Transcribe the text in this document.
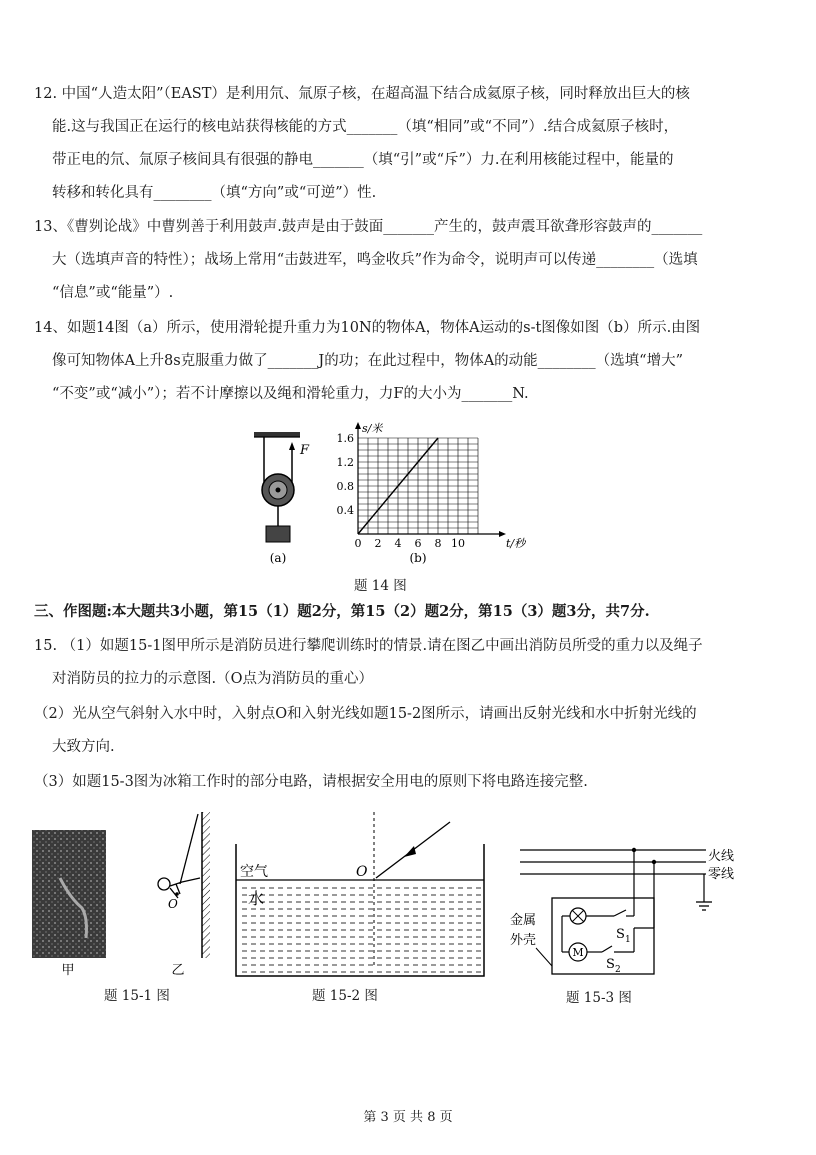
12. 中国“人造太阳”（EAST）是利用氘、氚原子核，在超高温下结合成氦原子核，同时释放出巨大的核
能.这与我国正在运行的核电站获得核能的方式_______（填“相同”或“不同”）.结合成氦原子核时，
带正电的氘、氚原子核间具有很强的静电_______（填“引”或“斥”）力.在利用核能过程中，能量的
转移和转化具有________（填“方向”或“可逆”）性.
13、《曹刿论战》中曹刿善于利用鼓声.鼓声是由于鼓面_______产生的，鼓声震耳欲聋形容鼓声的_______
大（选填声音的特性）；战场上常用“击鼓进军，鸣金收兵”作为命令，说明声可以传递________（选填
“信息”或“能量”）.
14、如题14图（a）所示，使用滑轮提升重力为10N的物体A，物体A运动的s-t图像如图（b）所示.由图
像可知物体A上升8s克服重力做了_______J的功；在此过程中，物体A的动能________（选填“增大”
“不变”或“减小”）；若不计摩擦以及绳和滑轮重力，力F的大小为_______N.
F
(a)
0 2 4 6 8 10
0.4
0.8
1.2
1.6
s/米
t/秒
(b)
题 14 图
三、作图题:本大题共3小题，第15（1）题2分，第15（2）题2分，第15（3）题3分，共7分.
15. （1）如题15-1图甲所示是消防员进行攀爬训练时的情景.请在图乙中画出消防员所受的重力以及绳子
对消防员的拉力的示意图.（O点为消防员的重心）
（2）光从空气斜射入水中时，入射点O和入射光线如题15-2图所示，请画出反射光线和水中折射光线的
大致方向.
（3）如题15-3图为冰箱工作时的部分电路，请根据安全用电的原则下将电路连接完整.
甲
O
乙
题 15-1 图
空气
水
O
题 15-2 图
火线
零线
S 1
M
S 2
金属
外壳
题 15-3 图
第 3 页 共 8 页
